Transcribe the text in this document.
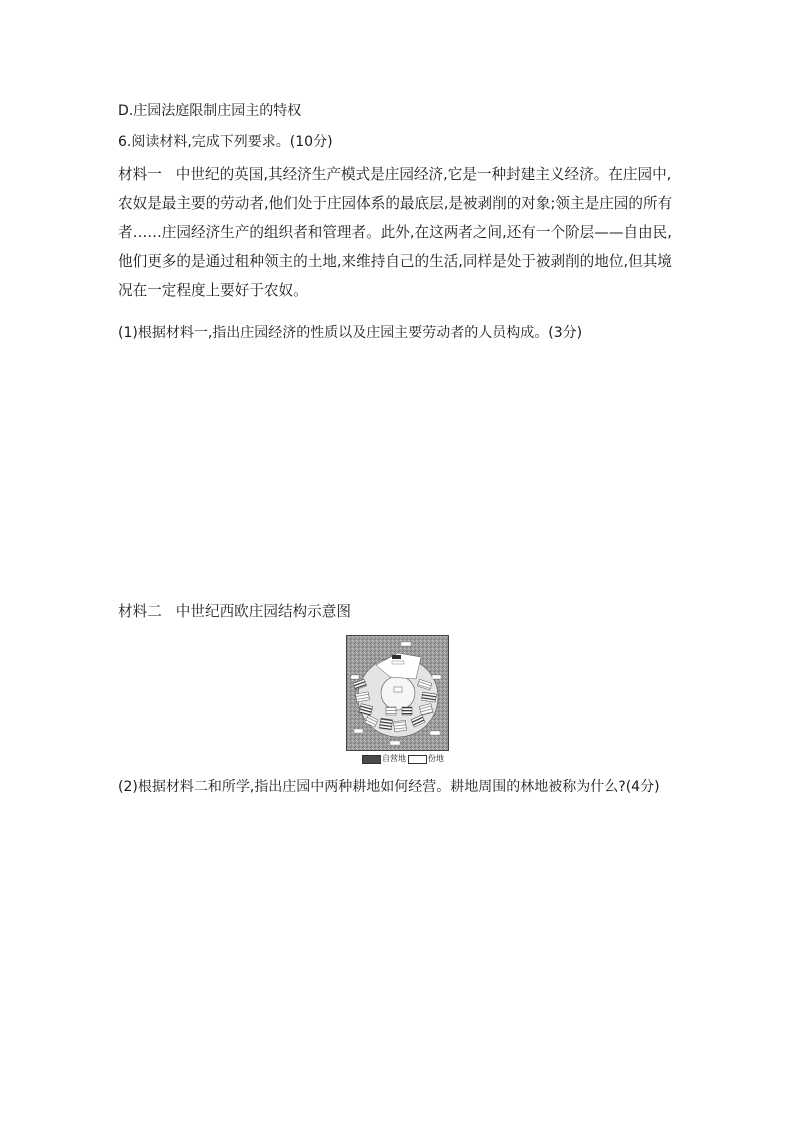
D.庄园法庭限制庄园主的特权
6.阅读材料,完成下列要求。(10分)

材料一 中世纪的英国,其经济生产模式是庄园经济,它是一种封建主义经济。在庄园中,农奴是最主要的劳动者,他们处于庄园体系的最底层,是被剥削的对象;领主是庄园的所有者……庄园经济生产的组织者和管理者。此外,在这两者之间,还有一个阶层——自由民,他们更多的是通过租种领主的土地,来维持自己的生活,同样是处于被剥削的地位,但其境况在一定程度上要好于农奴。

(1)根据材料一,指出庄园经济的性质以及庄园主要劳动者的人员构成。(3分)
材料二 中世纪西欧庄园结构示意图
自营地	份地
(2)根据材料二和所学,指出庄园中两种耕地如何经营。耕地周围的林地被称为什么?(4分)
